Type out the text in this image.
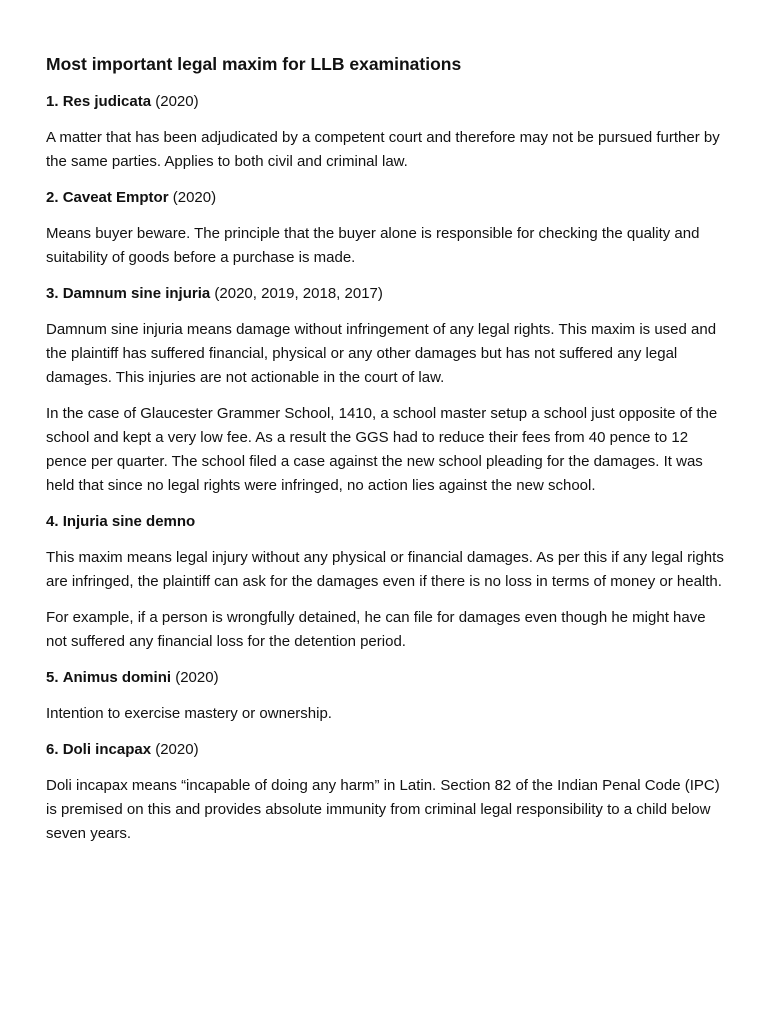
Most important legal maxim for LLB examinations
1. Res judicata (2020)

A matter that has been adjudicated by a competent court and therefore may not be pursued further by the same parties. Applies to both civil and criminal law.

2. Caveat Emptor (2020)

Means buyer beware. The principle that the buyer alone is responsible for checking the quality and suitability of goods before a purchase is made.

3. Damnum sine injuria (2020, 2019, 2018, 2017)

Damnum sine injuria means damage without infringement of any legal rights. This maxim is used and the plaintiff has suffered financial, physical or any other damages but has not suffered any legal damages. This injuries are not actionable in the court of law.

In the case of Glaucester Grammer School, 1410, a school master setup a school just opposite of the school and kept a very low fee. As a result the GGS had to reduce their fees from 40 pence to 12 pence per quarter. The school filed a case against the new school pleading for the damages. It was held that since no legal rights were infringed, no action lies against the new school.

4. Injuria sine demno

This maxim means legal injury without any physical or financial damages. As per this if any legal rights are infringed, the plaintiff can ask for the damages even if there is no loss in terms of money or health.

For example, if a person is wrongfully detained, he can file for damages even though he might have not suffered any financial loss for the detention period.

5. Animus domini (2020)

Intention to exercise mastery or ownership.

6. Doli incapax (2020)

Doli incapax means “incapable of doing any harm” in Latin. Section 82 of the Indian Penal Code (IPC) is premised on this and provides absolute immunity from criminal legal responsibility to a child below seven years.
